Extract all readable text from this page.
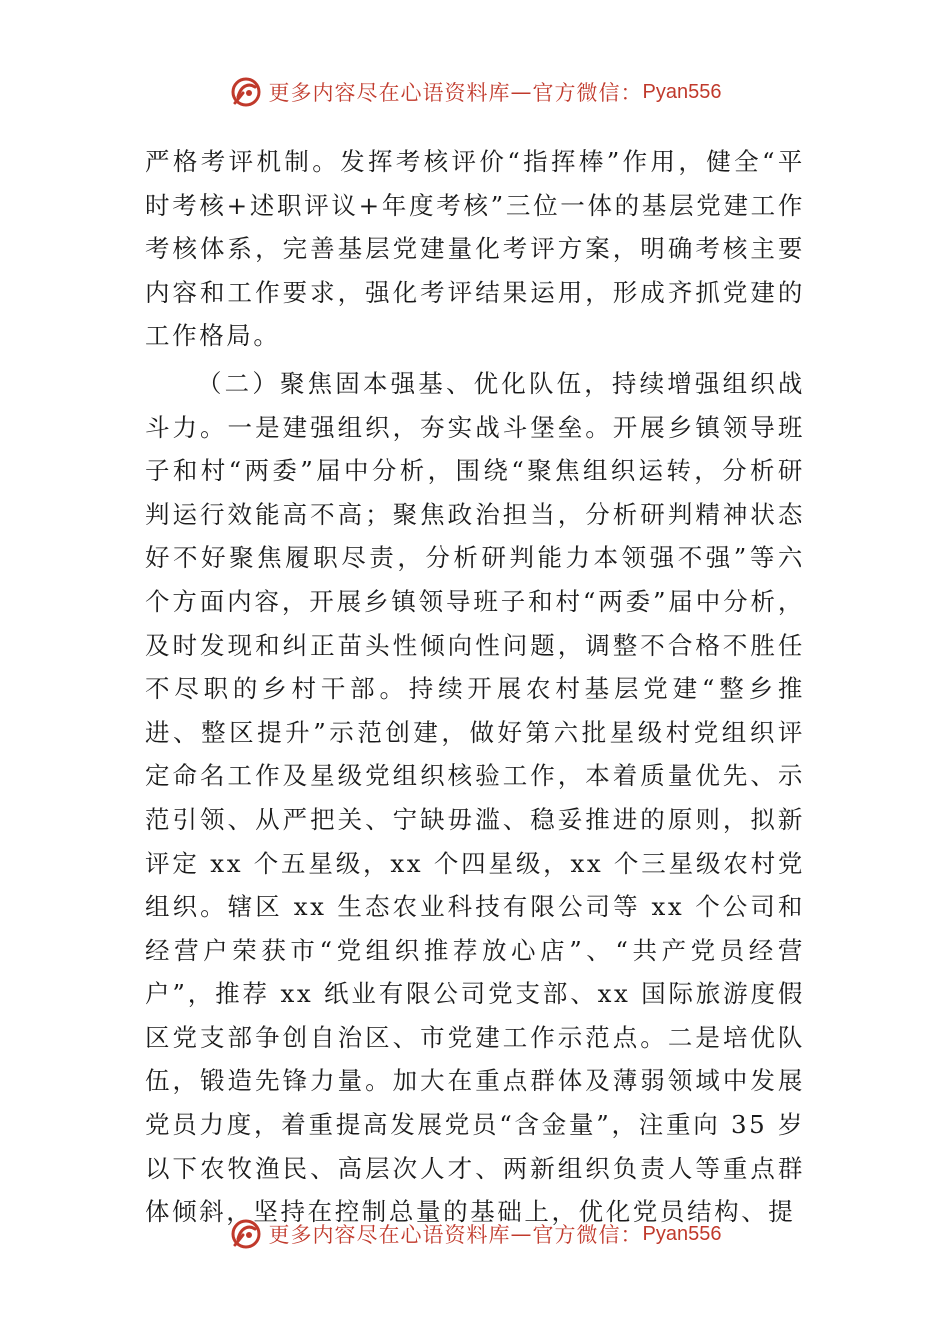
更多内容尽在心语资料库 — 官方微信： Pyan556

严格考评机制。发挥考核评价“指挥棒”作用，健全“平时考核+述职评议+年度考核”三位一体的基层党建工作考核体系，完善基层党建量化考评方案，明确考核主要内容和工作要求，强化考评结果运用，形成齐抓党建的工作格局。

（二）聚焦固本强基、优化队伍，持续增强组织战斗力。一是建强组织，夯实战斗堡垒。开展乡镇领导班子和村“两委”届中分析，围绕“聚焦组织运转，分析研判运行效能高不高；聚焦政治担当，分析研判精神状态好不好聚焦履职尽责，分析研判能力本领强不强”等六个方面内容，开展乡镇领导班子和村“两委”届中分析，及时发现和纠正苗头性倾向性问题，调整不合格不胜任不尽职的乡村干部。持续开展农村基层党建“整乡推进、整区提升”示范创建，做好第六批星级村党组织评定命名工作及星级党组织核验工作，本着质量优先、示范引领、从严把关、宁缺毋滥、稳妥推进的原则，拟新评定 xx 个五星级，xx 个四星级，xx 个三星级农村党组织。辖区 xx 生态农业科技有限公司等 xx 个公司和经营户荣获市“党组织推荐放心店”、“共产党员经营户”，推荐 xx 纸业有限公司党支部、xx 国际旅游度假区党支部争创自治区、市党建工作示范点。二是培优队伍，锻造先锋力量。加大在重点群体及薄弱领域中发展党员力度，着重提高发展党员“含金量”，注重向 35 岁以下农牧渔民、高层次人才、两新组织负责人等重点群体倾斜，坚持在控制总量的基础上，优化党员结构、提

更多内容尽在心语资料库 — 官方微信： Pyan556
